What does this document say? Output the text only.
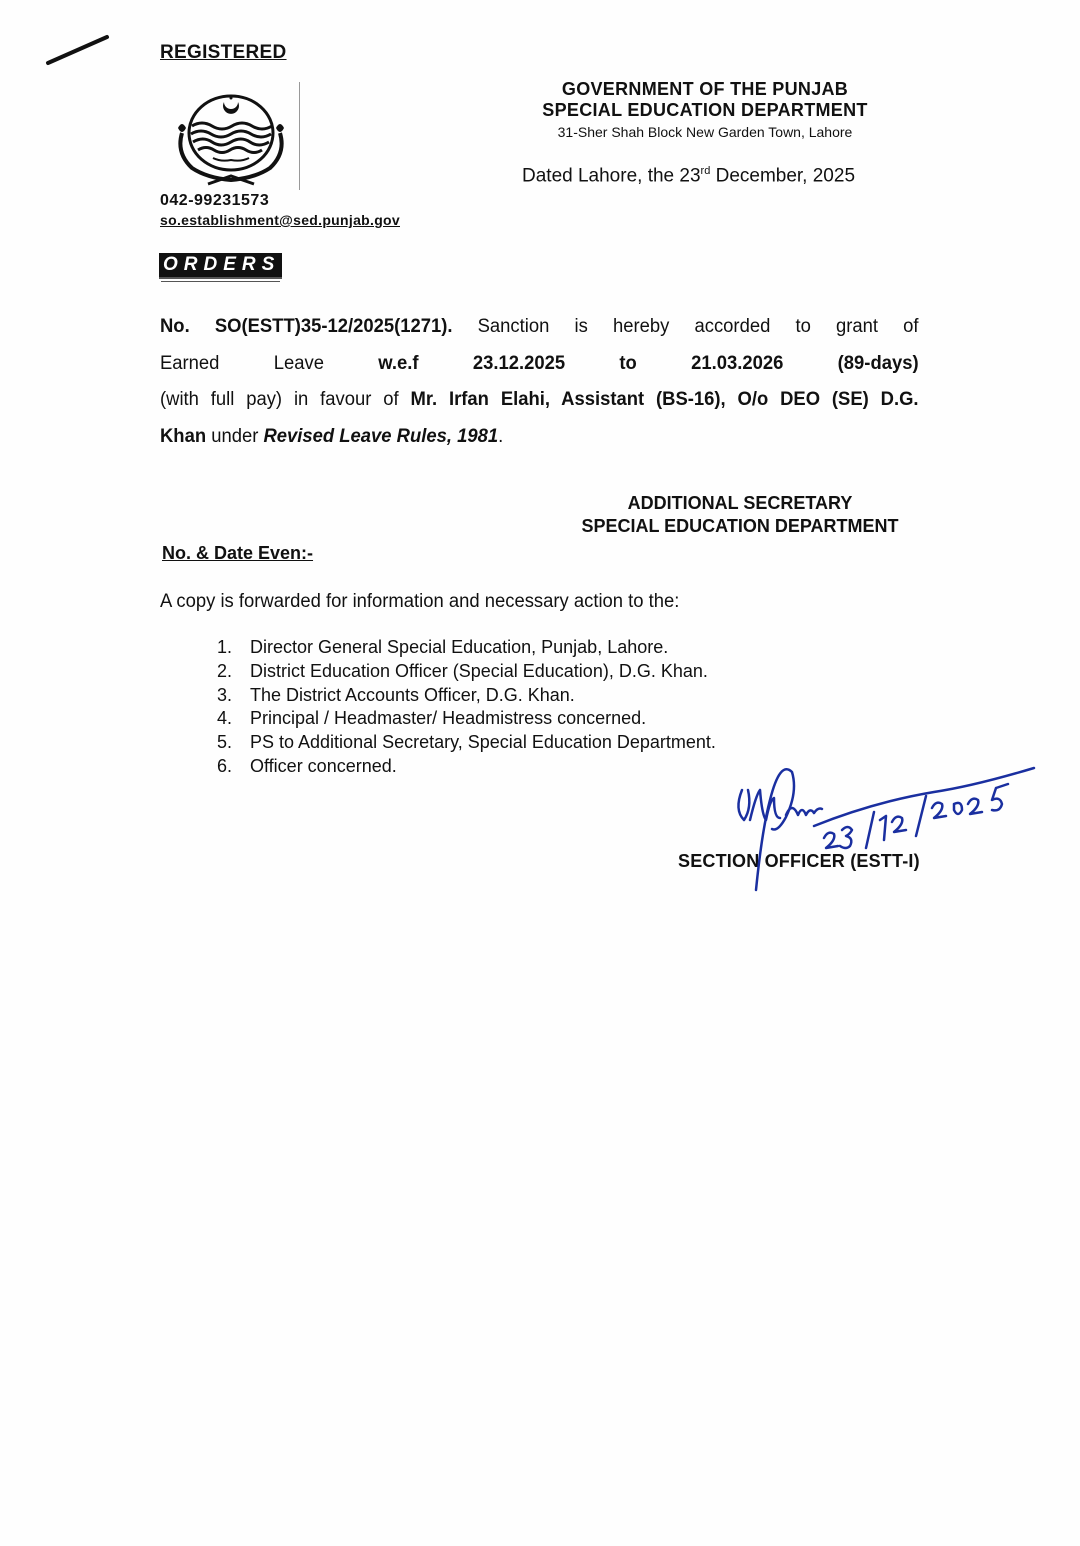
REGISTERED
042-99231573
so.establishment@sed.punjab.gov
GOVERNMENT OF THE PUNJAB
SPECIAL EDUCATION DEPARTMENT
31-Sher Shah Block New Garden Town, Lahore
Dated Lahore, the 23rd December, 2025
ORDERS
No. SO(ESTT)35-12/2025(1271). Sanction is hereby accorded to grant of
Earned	Leave	w.e.f	23.12.2025	to	21.03.2026	(89-days)
(with full pay) in favour of Mr. Irfan Elahi, Assistant (BS-16), O/o DEO (SE) D.G.
Khan under Revised Leave Rules, 1981.
ADDITIONAL SECRETARY
SPECIAL EDUCATION DEPARTMENT
No. & Date Even:-
A copy is forwarded for information and necessary action to the:
1. Director General Special Education, Punjab, Lahore.
2. District Education Officer (Special Education), D.G. Khan.
3. The District Accounts Officer, D.G. Khan.
4. Principal / Headmaster/ Headmistress concerned.
5. PS to Additional Secretary, Special Education Department.
6. Officer concerned.
SECTION OFFICER (ESTT-I)
